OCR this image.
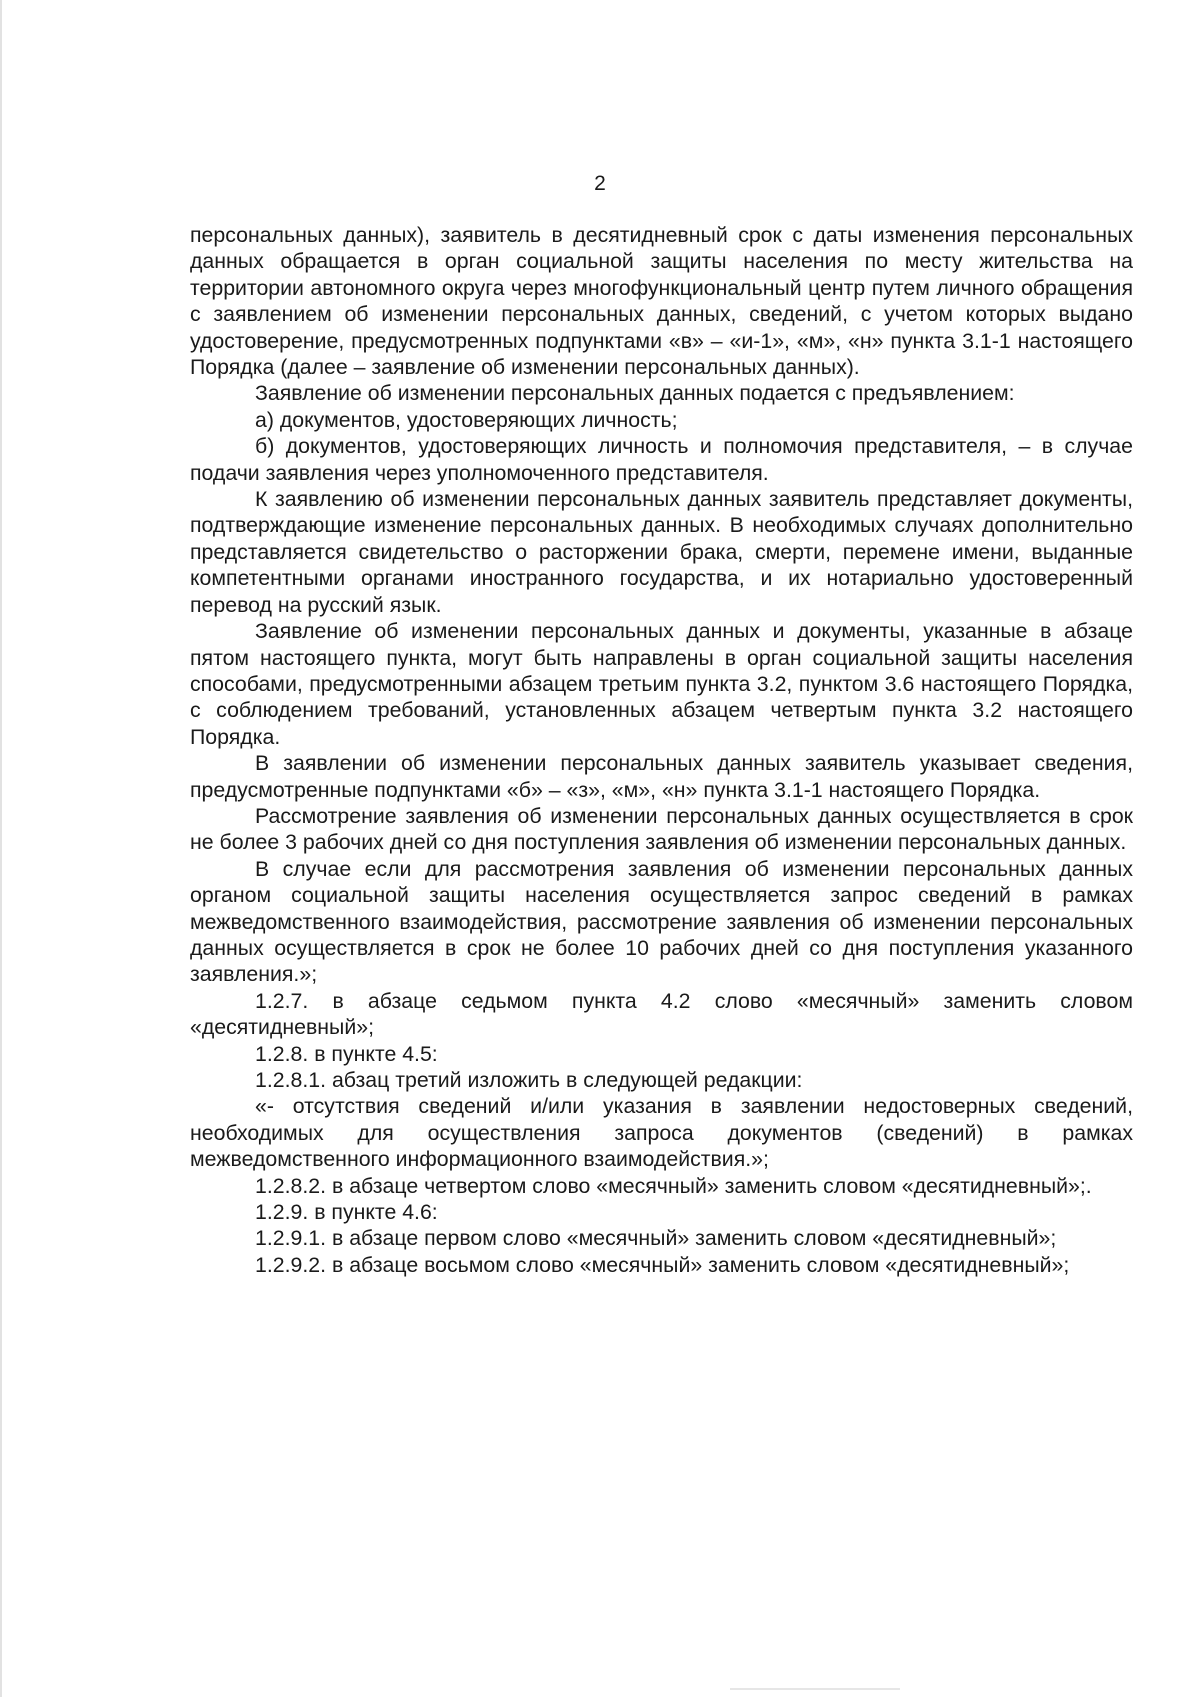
2

персональных данных), заявитель в десятидневный срок с даты изменения персональных данных обращается в орган социальной защиты населения по месту жительства на территории автономного округа через многофункциональный центр путем личного обращения с заявлением об изменении персональных данных, сведений, с учетом которых выдано удостоверение, предусмотренных подпунктами «в» – «и-1», «м», «н» пункта 3.1-1 настоящего Порядка (далее – заявление об изменении персональных данных).

Заявление об изменении персональных данных подается с предъявлением:

а) документов, удостоверяющих личность;

б) документов, удостоверяющих личность и полномочия представителя, – в случае подачи заявления через уполномоченного представителя.

К заявлению об изменении персональных данных заявитель представляет документы, подтверждающие изменение персональных данных. В необходимых случаях дополнительно представляется свидетельство о расторжении брака, смерти, перемене имени, выданные компетентными органами иностранного государства, и их нотариально удостоверенный перевод на русский язык.

Заявление об изменении персональных данных и документы, указанные в абзаце пятом настоящего пункта, могут быть направлены в орган социальной защиты населения способами, предусмотренными абзацем третьим пункта 3.2, пунктом 3.6 настоящего Порядка, с соблюдением требований, установленных абзацем четвертым пункта 3.2 настоящего Порядка.

В заявлении об изменении персональных данных заявитель указывает сведения, предусмотренные подпунктами «б» – «з», «м», «н» пункта 3.1-1 настоящего Порядка.

Рассмотрение заявления об изменении персональных данных осуществляется в срок не более 3 рабочих дней со дня поступления заявления об изменении персональных данных.

В случае если для рассмотрения заявления об изменении персональных данных органом социальной защиты населения осуществляется запрос сведений в рамках межведомственного взаимодействия, рассмотрение заявления об изменении персональных данных осуществляется в срок не более 10 рабочих дней со дня поступления указанного заявления.»;

1.2.7. в абзаце седьмом пункта 4.2 слово «месячный» заменить словом «десятидневный»;

1.2.8. в пункте 4.5:

1.2.8.1. абзац третий изложить в следующей редакции:

«- отсутствия сведений и/или указания в заявлении недостоверных сведений, необходимых для осуществления запроса документов (сведений) в рамках межведомственного информационного взаимодействия.»;

1.2.8.2. в абзаце четвертом слово «месячный» заменить словом «десятидневный»;.

1.2.9. в пункте 4.6:

1.2.9.1. в абзаце первом слово «месячный» заменить словом «десятидневный»;

1.2.9.2. в абзаце восьмом слово «месячный» заменить словом «десятидневный»;
